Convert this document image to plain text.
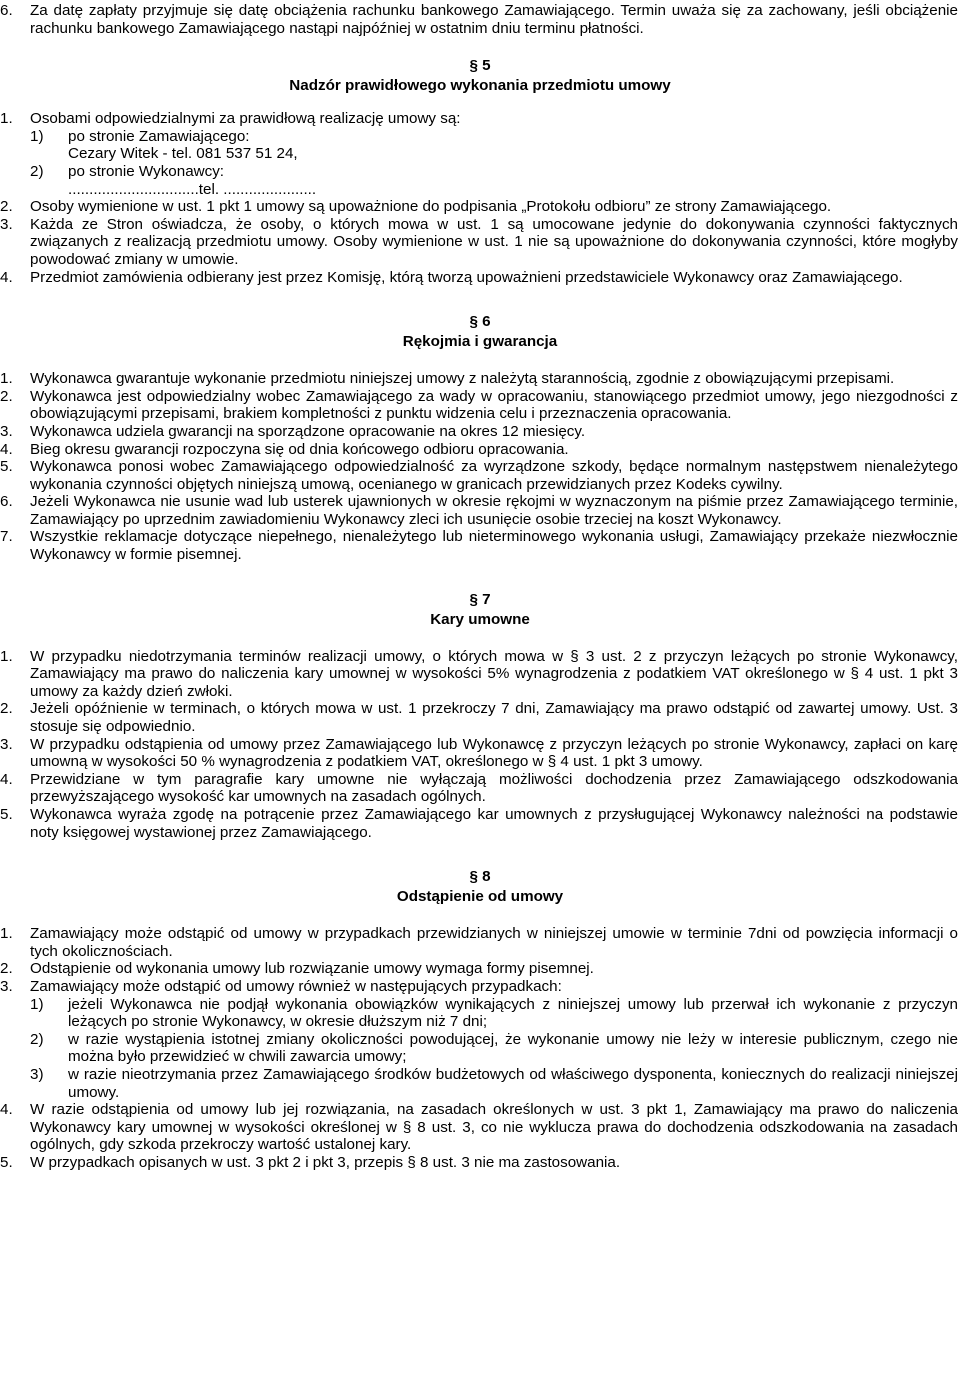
6.	Za datę zapłaty przyjmuje się datę obciążenia rachunku bankowego Zamawiającego. Termin uważa się za zachowany, jeśli obciążenie rachunku bankowego Zamawiającego nastąpi najpóźniej w ostatnim dniu terminu płatności.
§ 5
Nadzór prawidłowego wykonania przedmiotu umowy
1.	Osobami odpowiedzialnymi za prawidłową realizację umowy są:
1)	po stronie Zamawiającego:
Cezary Witek - tel. 081 537 51 24,
2)	po stronie Wykonawcy:
...............................tel. ......................
2.	Osoby wymienione w ust. 1 pkt 1 umowy są upoważnione do podpisania „Protokołu odbioru” ze strony Zamawiającego.
3.	Każda ze Stron oświadcza, że osoby, o których mowa w ust. 1 są umocowane jedynie do dokonywania czynności faktycznych związanych z realizacją przedmiotu umowy. Osoby wymienione w ust. 1 nie są upoważnione do dokonywania czynności, które mogłyby powodować zmiany w umowie.
4.	Przedmiot zamówienia odbierany jest przez Komisję, którą tworzą upoważnieni przedstawiciele Wykonawcy oraz Zamawiającego.
§ 6
Rękojmia i gwarancja
1.	Wykonawca gwarantuje wykonanie przedmiotu niniejszej umowy z należytą starannością, zgodnie z obowiązującymi przepisami.
2.	Wykonawca jest odpowiedzialny wobec Zamawiającego za wady w opracowaniu, stanowiącego przedmiot umowy, jego niezgodności z obowiązującymi przepisami, brakiem kompletności z punktu widzenia celu i przeznaczenia opracowania.
3.	Wykonawca udziela gwarancji na sporządzone opracowanie na okres 12 miesięcy.
4.	Bieg okresu gwarancji rozpoczyna się od dnia końcowego odbioru opracowania.
5.	Wykonawca ponosi wobec Zamawiającego odpowiedzialność za wyrządzone szkody, będące normalnym następstwem nienależytego wykonania czynności objętych niniejszą umową, ocenianego w granicach przewidzianych przez Kodeks cywilny.
6.	Jeżeli Wykonawca nie usunie wad lub usterek ujawnionych w okresie rękojmi w wyznaczonym na piśmie przez Zamawiającego terminie, Zamawiający po uprzednim zawiadomieniu Wykonawcy zleci ich usunięcie osobie trzeciej na koszt Wykonawcy.
7.	Wszystkie reklamacje dotyczące niepełnego, nienależytego lub nieterminowego wykonania usługi, Zamawiający przekaże niezwłocznie Wykonawcy w formie pisemnej.
§ 7
Kary umowne
1.	W przypadku niedotrzymania terminów realizacji umowy, o których mowa w § 3 ust. 2 z przyczyn leżących po stronie Wykonawcy, Zamawiający ma prawo do naliczenia kary umownej w wysokości 5% wynagrodzenia z podatkiem VAT określonego w § 4 ust. 1 pkt 3 umowy za każdy dzień zwłoki.
2.	Jeżeli opóźnienie w terminach, o których mowa w ust. 1 przekroczy 7 dni, Zamawiający ma prawo odstąpić od zawartej umowy. Ust. 3 stosuje się odpowiednio.
3.	W przypadku odstąpienia od umowy przez Zamawiającego lub Wykonawcę z przyczyn leżących po stronie Wykonawcy, zapłaci on karę umowną w wysokości 50 % wynagrodzenia z podatkiem VAT, określonego w § 4 ust. 1 pkt 3 umowy.
4.	Przewidziane w tym paragrafie kary umowne nie wyłączają możliwości dochodzenia przez Zamawiającego odszkodowania przewyższającego wysokość kar umownych na zasadach ogólnych.
5.	Wykonawca wyraża zgodę na potrącenie przez Zamawiającego kar umownych z przysługującej Wykonawcy należności na podstawie noty księgowej wystawionej przez Zamawiającego.
§ 8
Odstąpienie od umowy
1.	Zamawiający może odstąpić od umowy w przypadkach przewidzianych w niniejszej umowie w terminie 7dni od powzięcia informacji o tych okolicznościach.
2.	Odstąpienie od wykonania umowy lub rozwiązanie umowy wymaga formy pisemnej.
3.	Zamawiający może odstąpić od umowy również w następujących przypadkach:
1)	jeżeli Wykonawca nie podjął wykonania obowiązków wynikających z niniejszej umowy lub przerwał ich wykonanie z przyczyn leżących po stronie Wykonawcy, w okresie dłuższym niż 7 dni;
2)	w razie wystąpienia istotnej zmiany okoliczności powodującej, że wykonanie umowy nie leży w interesie publicznym, czego nie można było przewidzieć w chwili zawarcia umowy;
3)	w razie nieotrzymania przez Zamawiającego środków budżetowych od właściwego dysponenta, koniecznych do realizacji niniejszej umowy.
4.	W razie odstąpienia od umowy lub jej rozwiązania, na zasadach określonych w ust. 3 pkt 1, Zamawiający ma prawo do naliczenia Wykonawcy kary umownej w wysokości określonej w § 8 ust. 3, co nie wyklucza prawa do dochodzenia odszkodowania na zasadach ogólnych, gdy szkoda przekroczy wartość ustalonej kary.
5.	W przypadkach opisanych w ust. 3 pkt 2 i pkt 3, przepis § 8 ust. 3 nie ma zastosowania.
